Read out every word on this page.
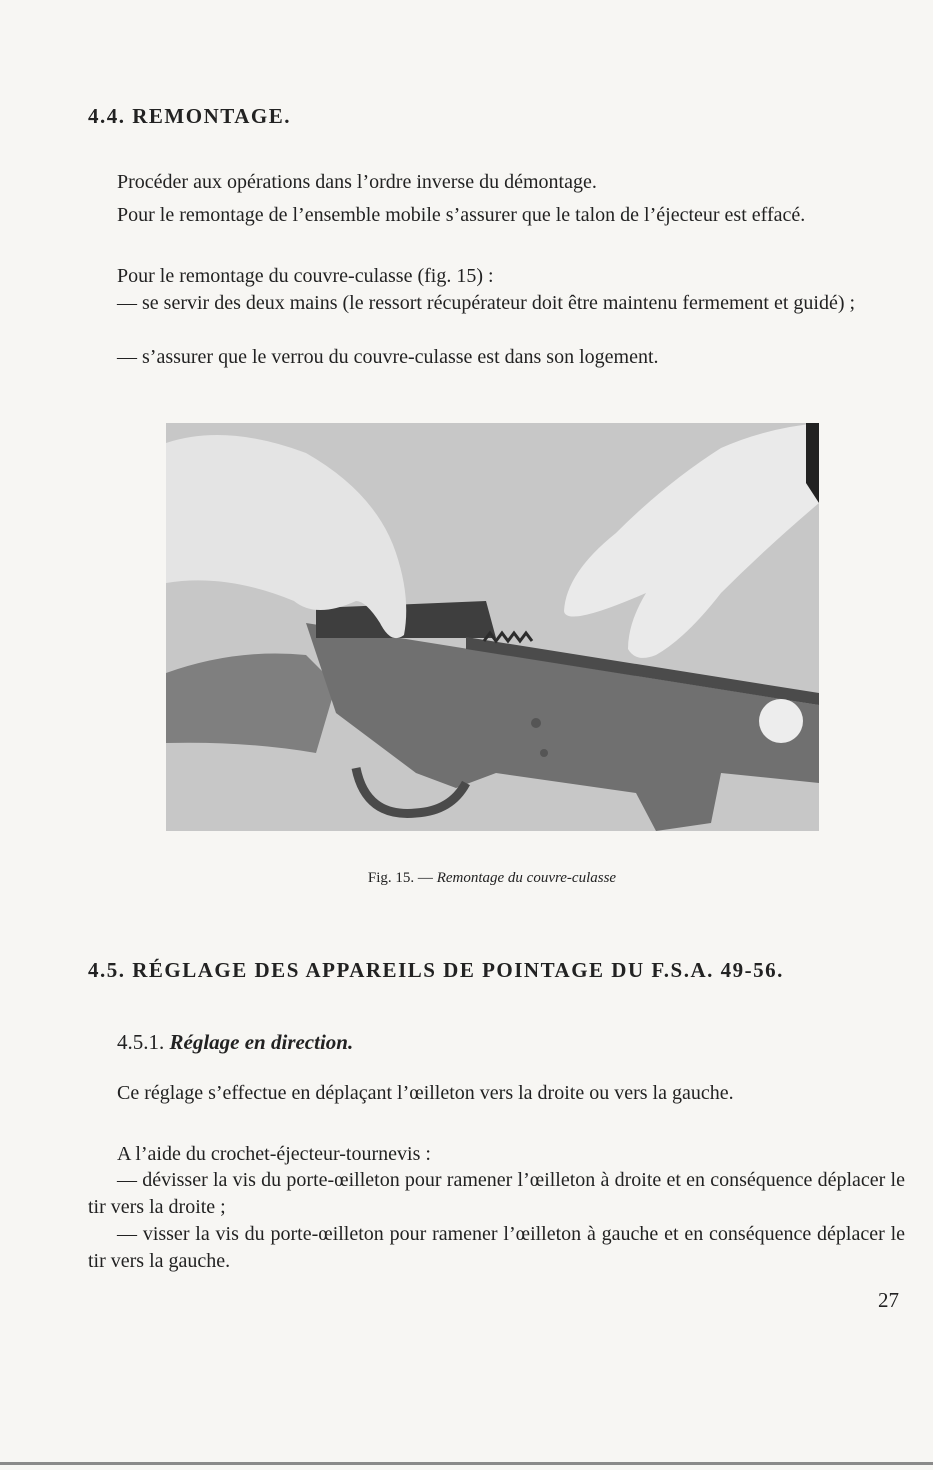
4.4. REMONTAGE.

Procéder aux opérations dans l’ordre inverse du démontage.

Pour le remontage de l’ensemble mobile s’assurer que le talon de l’éjecteur est effacé.

Pour le remontage du couvre-culasse (fig. 15) :

— se servir des deux mains (le ressort récupérateur doit être maintenu fermement et guidé) ;

— s’assurer que le verrou du couvre-culasse est dans son logement.

Fig. 15. — Remontage du couvre-culasse
4.5. RÉGLAGE DES APPAREILS DE POINTAGE DU F.S.A. 49-56.
4.5.1. Réglage en direction.

Ce réglage s’effectue en déplaçant l’œilleton vers la droite ou vers la gauche.

A l’aide du crochet-éjecteur-tournevis :

— dévisser la vis du porte-œilleton pour ramener l’œilleton à droite et en conséquence déplacer le tir vers la droite ;

— visser la vis du porte-œilleton pour ramener l’œilleton à gauche et en conséquence déplacer le tir vers la gauche.

27
